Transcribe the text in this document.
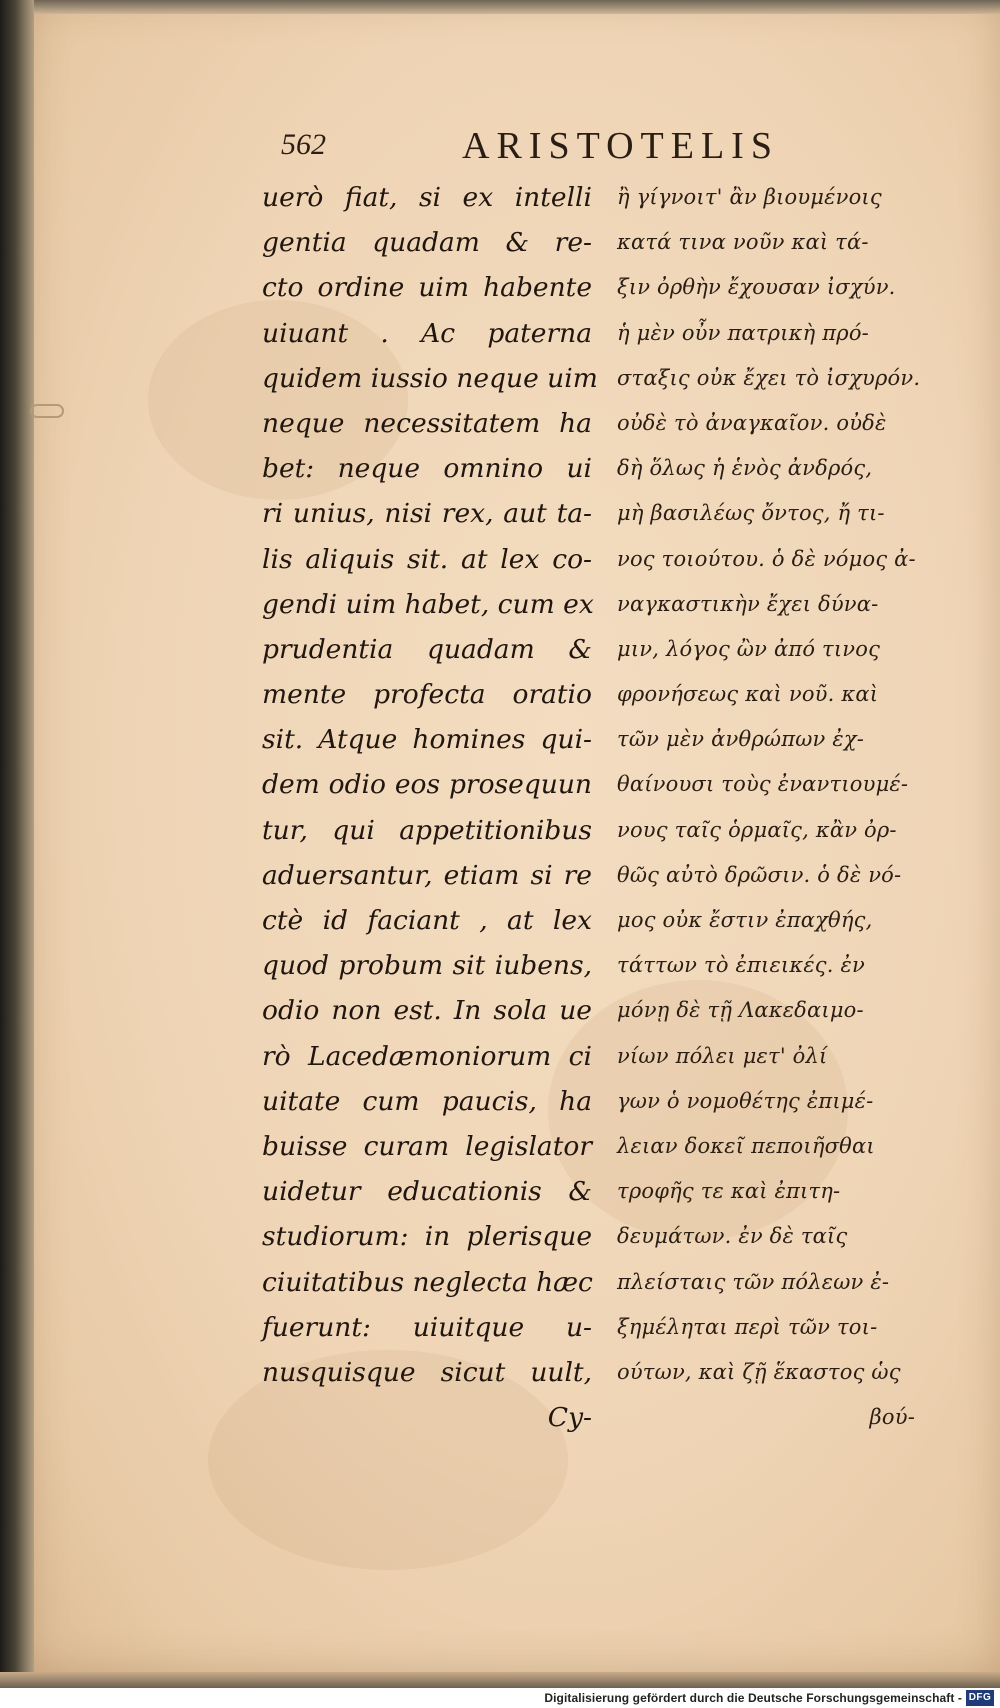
562	ARISTOTELIS
uerò fiat, si ex intelli
gentia quadam & re-
cto ordine uim habente
uiuant . Ac paterna
quidem iussio neque uim
neque necessitatem ha
bet: neque omnino ui
ri unius, nisi rex, aut ta-
lis aliquis sit. at lex co-
gendi uim habet, cum ex
prudentia quadam &
mente profecta oratio
sit. Atque homines qui-
dem odio eos prosequun
tur, qui appetitionibus
aduersantur, etiam si re
ctè id faciant , at lex
quod probum sit iubens,
odio non est. In sola ue
rò Lacedæmoniorum ci
uitate cum paucis, ha
buisse curam legislator
uidetur educationis &
studiorum: in plerisque
ciuitatibus neglecta hæc
fuerunt: uiuitque u-
nusquisque sicut uult,
Cy-
ἢ γίγνοιτ' ἂν βιουμένοις
κατά τινα νοῦν καὶ τά-
ξιν ὀρθὴν ἔχουσαν ἰσχύν.
ἡ μὲν οὖν πατρικὴ πρό-
σταξις οὐκ ἔχει τὸ ἰσχυρόν.
οὐδὲ τὸ ἀναγκαῖον. οὐδὲ
δὴ ὅλως ἡ ἑνὸς ἀνδρός,
μὴ βασιλέως ὄντος, ἤ τι-
νος τοιούτου. ὁ δὲ νόμος ἀ-
ναγκαστικὴν ἔχει δύνα-
μιν, λόγος ὢν ἀπό τινος
φρονήσεως καὶ νοῦ. καὶ
τῶν μὲν ἀνθρώπων ἐχ-
θαίνουσι τοὺς ἐναντιουμέ-
νους ταῖς ὁρμαῖς, κἂν ὀρ-
θῶς αὐτὸ δρῶσιν. ὁ δὲ νό-
μος οὐκ ἔστιν ἐπαχθής,
τάττων τὸ ἐπιεικές. ἐν
μόνῃ δὲ τῇ Λακεδαιμο-
νίων πόλει μετ' ὀλί
γων ὁ νομοθέτης ἐπιμέ-
λειαν δοκεῖ πεποιῆσθαι
τροφῆς τε καὶ ἐπιτη-
δευμάτων. ἐν δὲ ταῖς
πλείσταις τῶν πόλεων ἐ-
ξημέληται περὶ τῶν τοι-
ούτων, καὶ ζῇ ἕκαστος ὡς
βού-
Digitalisierung gefördert durch die Deutsche Forschungsgemeinschaft - DFG
